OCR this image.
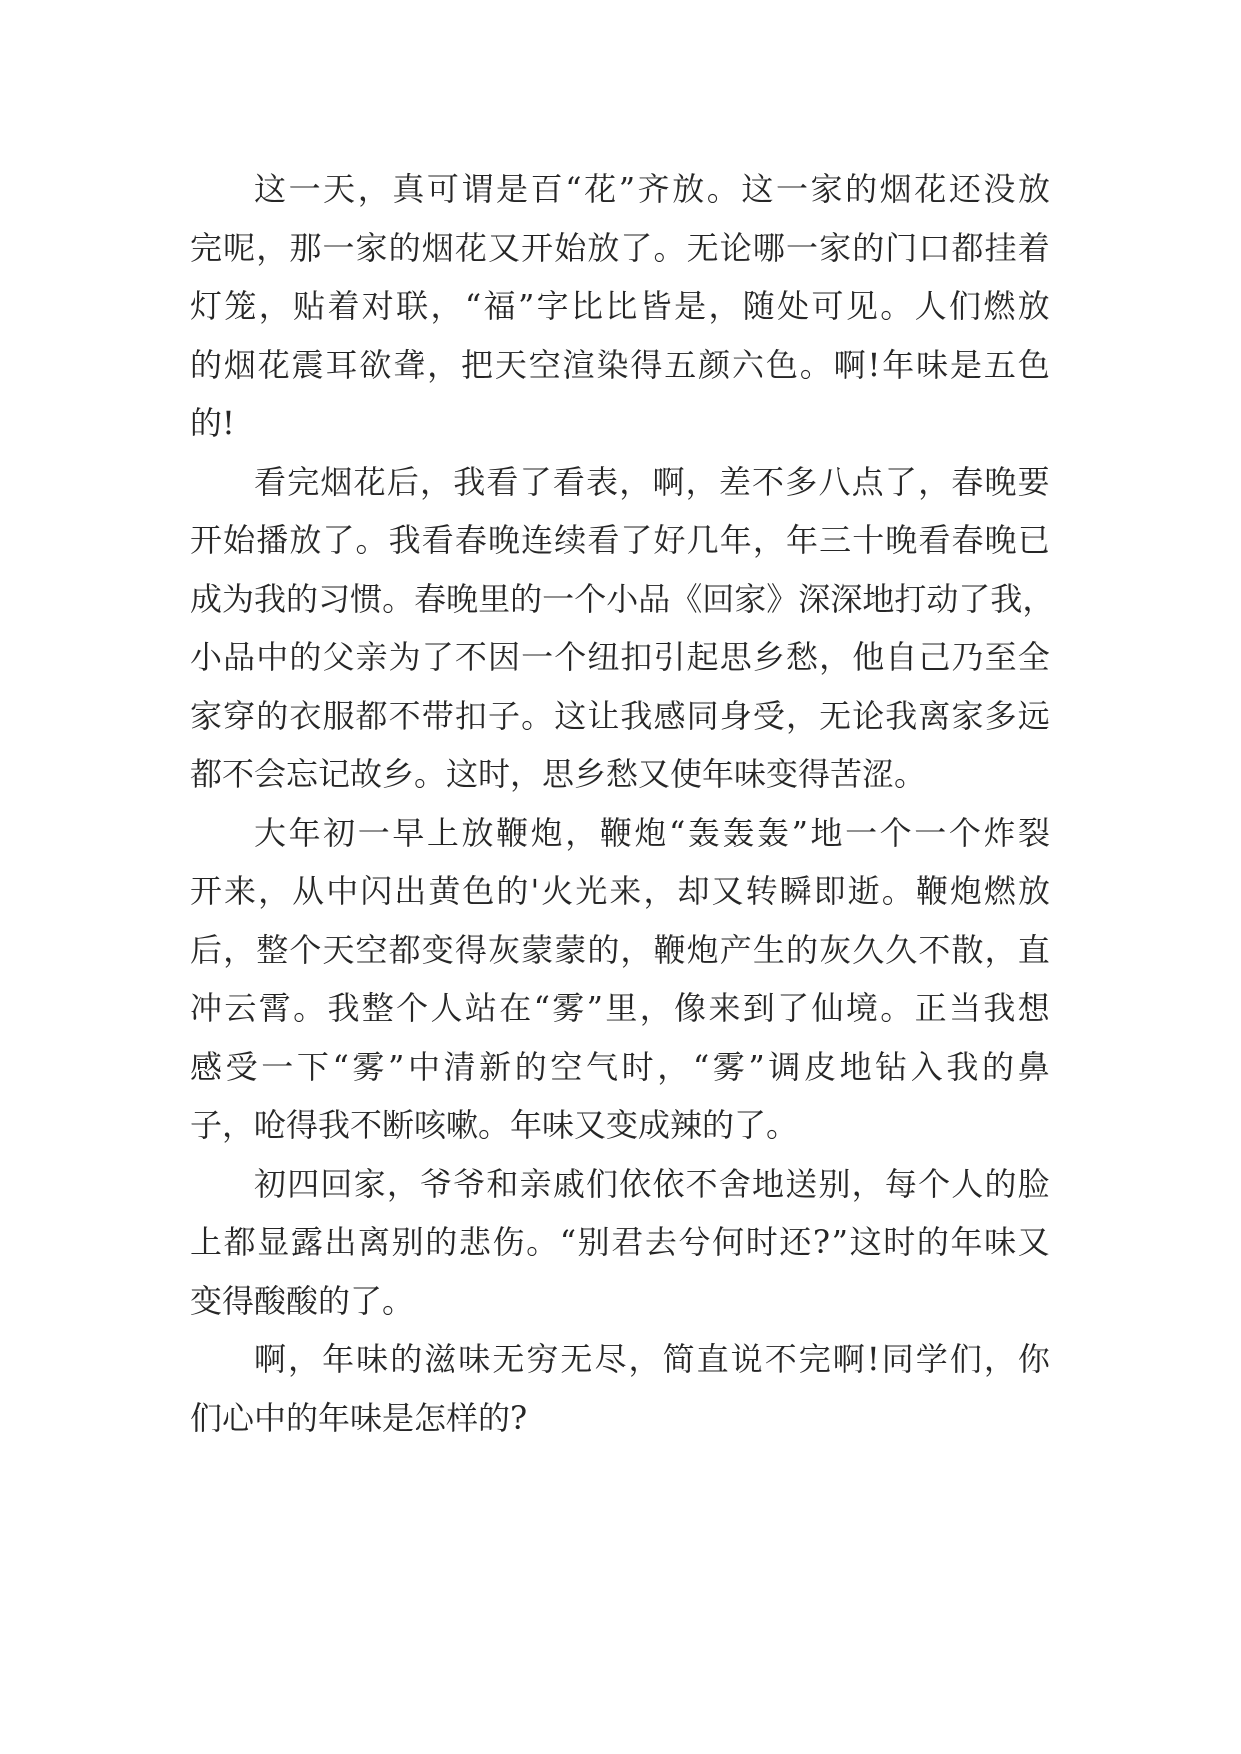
这 一 天 ， 真 可 谓 是 百 “ 花 ” 齐 放 。 这 一 家 的 烟 花 还 没 放
完 呢 ， 那 一 家 的 烟 花 又 开 始 放 了 。 无 论 哪 一 家 的 门 口 都 挂 着
灯 笼 ， 贴 着 对 联 ， “ 福 ” 字 比 比 皆 是 ， 随 处 可 见 。 人 们 燃 放
的 烟 花 震 耳 欲 聋 ， 把 天 空 渲 染 得 五 颜 六 色 。 啊 ! 年 味 是 五 色
的!
看 完 烟 花 后 ， 我 看 了 看 表 ， 啊 ， 差 不 多 八 点 了 ， 春 晚 要
开 始 播 放 了 。 我 看 春 晚 连 续 看 了 好 几 年 ， 年 三 十 晚 看 春 晚 已
成 为 我 的 习 惯 。 春 晚 里 的 一 个 小 品 《 回 家 》 深 深 地 打 动 了 我 ，
小 品 中 的 父 亲 为 了 不 因 一 个 纽 扣 引 起 思 乡 愁 ， 他 自 己 乃 至 全
家 穿 的 衣 服 都 不 带 扣 子 。 这 让 我 感 同 身 受 ， 无 论 我 离 家 多 远
都不会忘记故乡。这时，思乡愁又使年味变得苦涩。
大 年 初 一 早 上 放 鞭 炮 ， 鞭 炮 “ 轰 轰 轰 ” 地 一 个 一 个 炸 裂
开 来 ， 从 中 闪 出 黄 色 的 ' 火 光 来 ， 却 又 转 瞬 即 逝 。 鞭 炮 燃 放
后 ， 整 个 天 空 都 变 得 灰 蒙 蒙 的 ， 鞭 炮 产 生 的 灰 久 久 不 散 ， 直
冲 云 霄 。 我 整 个 人 站 在 “ 雾 ” 里 ， 像 来 到 了 仙 境 。 正 当 我 想
感 受 一 下 “ 雾 ” 中 清 新 的 空 气 时 ， “ 雾 ” 调 皮 地 钻 入 我 的 鼻
子，呛得我不断咳嗽。年味又变成辣的了。
初 四 回 家 ， 爷 爷 和 亲 戚 们 依 依 不 舍 地 送 别 ， 每 个 人 的 脸
上 都 显 露 出 离 别 的 悲 伤 。 “ 别 君 去 兮 何 时 还 ? ” 这 时 的 年 味 又
变得酸酸的了。
啊 ， 年 味 的 滋 味 无 穷 无 尽 ， 简 直 说 不 完 啊 ! 同 学 们 ， 你
们心中的年味是怎样的?
